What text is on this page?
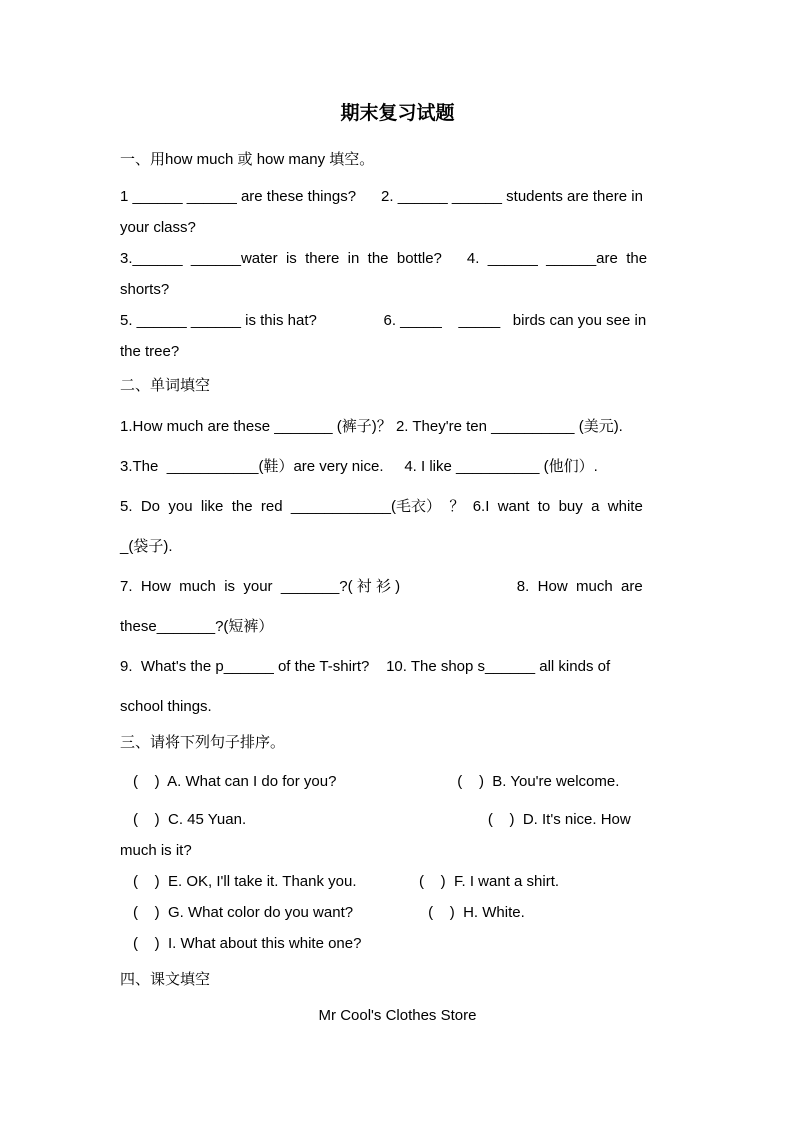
期末复习试题
一、用how much 或 how many 填空。
1 ______ ______ are these things?      2. ______ ______ students are there in
your class?
3.______  ______water  is  there  in  the  bottle?      4.  ______  ______are  the
shorts?
5. ______ ______ is this hat?                6. _____    _____   birds can you see in
the tree?
二、单词填空
1.How much are these _______ (裤子)？ 2. They're ten __________ (美元).
3.The  ___________(鞋）are very nice.     4. I like __________ (他们）.
5.  Do  you  like  the  red  ____________(毛衣）  ？  6.I  want  to  buy  a  white
_(袋子).
7.  How  much  is  your  _______?( 衬 衫 )                            8.  How  much  are
these_______?(短裤）
9.  What's the p______ of the T-shirt?    10. The shop s______ all kinds of
school things.
三、请将下列句子排序。
(    )  A. What can I do for you?                             (    )  B. You're welcome.
(    )  C. 45 Yuan.                                                          (    )  D. It's nice. How
much is it?
(    )  E. OK, I'll take it. Thank you.               (    )  F. I want a shirt.
(    )  G. What color do you want?                  (    )  H. White.
(    )  I. What about this white one?
四、课文填空
Mr Cool's Clothes Store
